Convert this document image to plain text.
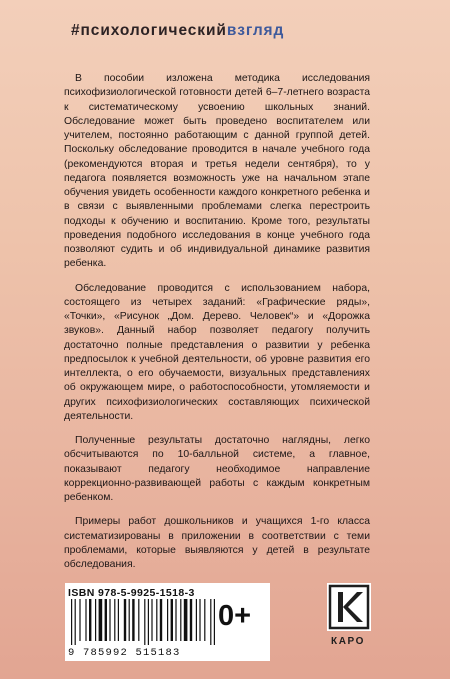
#психологическийвзгляд

В пособии изложена методика исследования психофизиологической готовности детей 6–7-летнего возраста к систематическому усвоению школьных знаний. Обследование может быть проведено воспитателем или учителем, постоянно работающим с данной группой детей. Поскольку обследование проводится в начале учебного года (рекомендуются вторая и третья недели сентября), то у педагога появляется возможность уже на начальном этапе обучения увидеть особенности каждого конкретного ребенка и в связи с выявленными проблемами слегка перестроить подходы к обучению и воспитанию. Кроме того, результаты проведения подобного исследования в конце учебного года позволяют судить и об индивидуальной динамике развития ребенка.

Обследование проводится с использованием набора, состоящего из четырех заданий: «Графические ряды», «Точки», «Рисунок „Дом. Дерево. Человек“» и «Дорожка звуков». Данный набор позволяет педагогу получить достаточно полные представления о развитии у ребенка предпосылок к учебной деятельности, об уровне развития его интеллекта, о его обучаемости, визуальных представлениях об окружающем мире, о работоспособности, утомляемости и других психофизиологических составляющих психической деятельности.

Полученные результаты достаточно наглядны, легко обсчитываются по 10-балльной системе, а главное, показывают педагогу необходимое направление коррекционно-развивающей работы с каждым конкретным ребенком.

Примеры работ дошкольников и учащихся 1-го класса систематизированы в приложении в соответствии с теми проблемами, которые выявляются у детей в результате обследования.

ISBN 978-5-9925-1518-3
9 785992 515183
0+
КАРО
